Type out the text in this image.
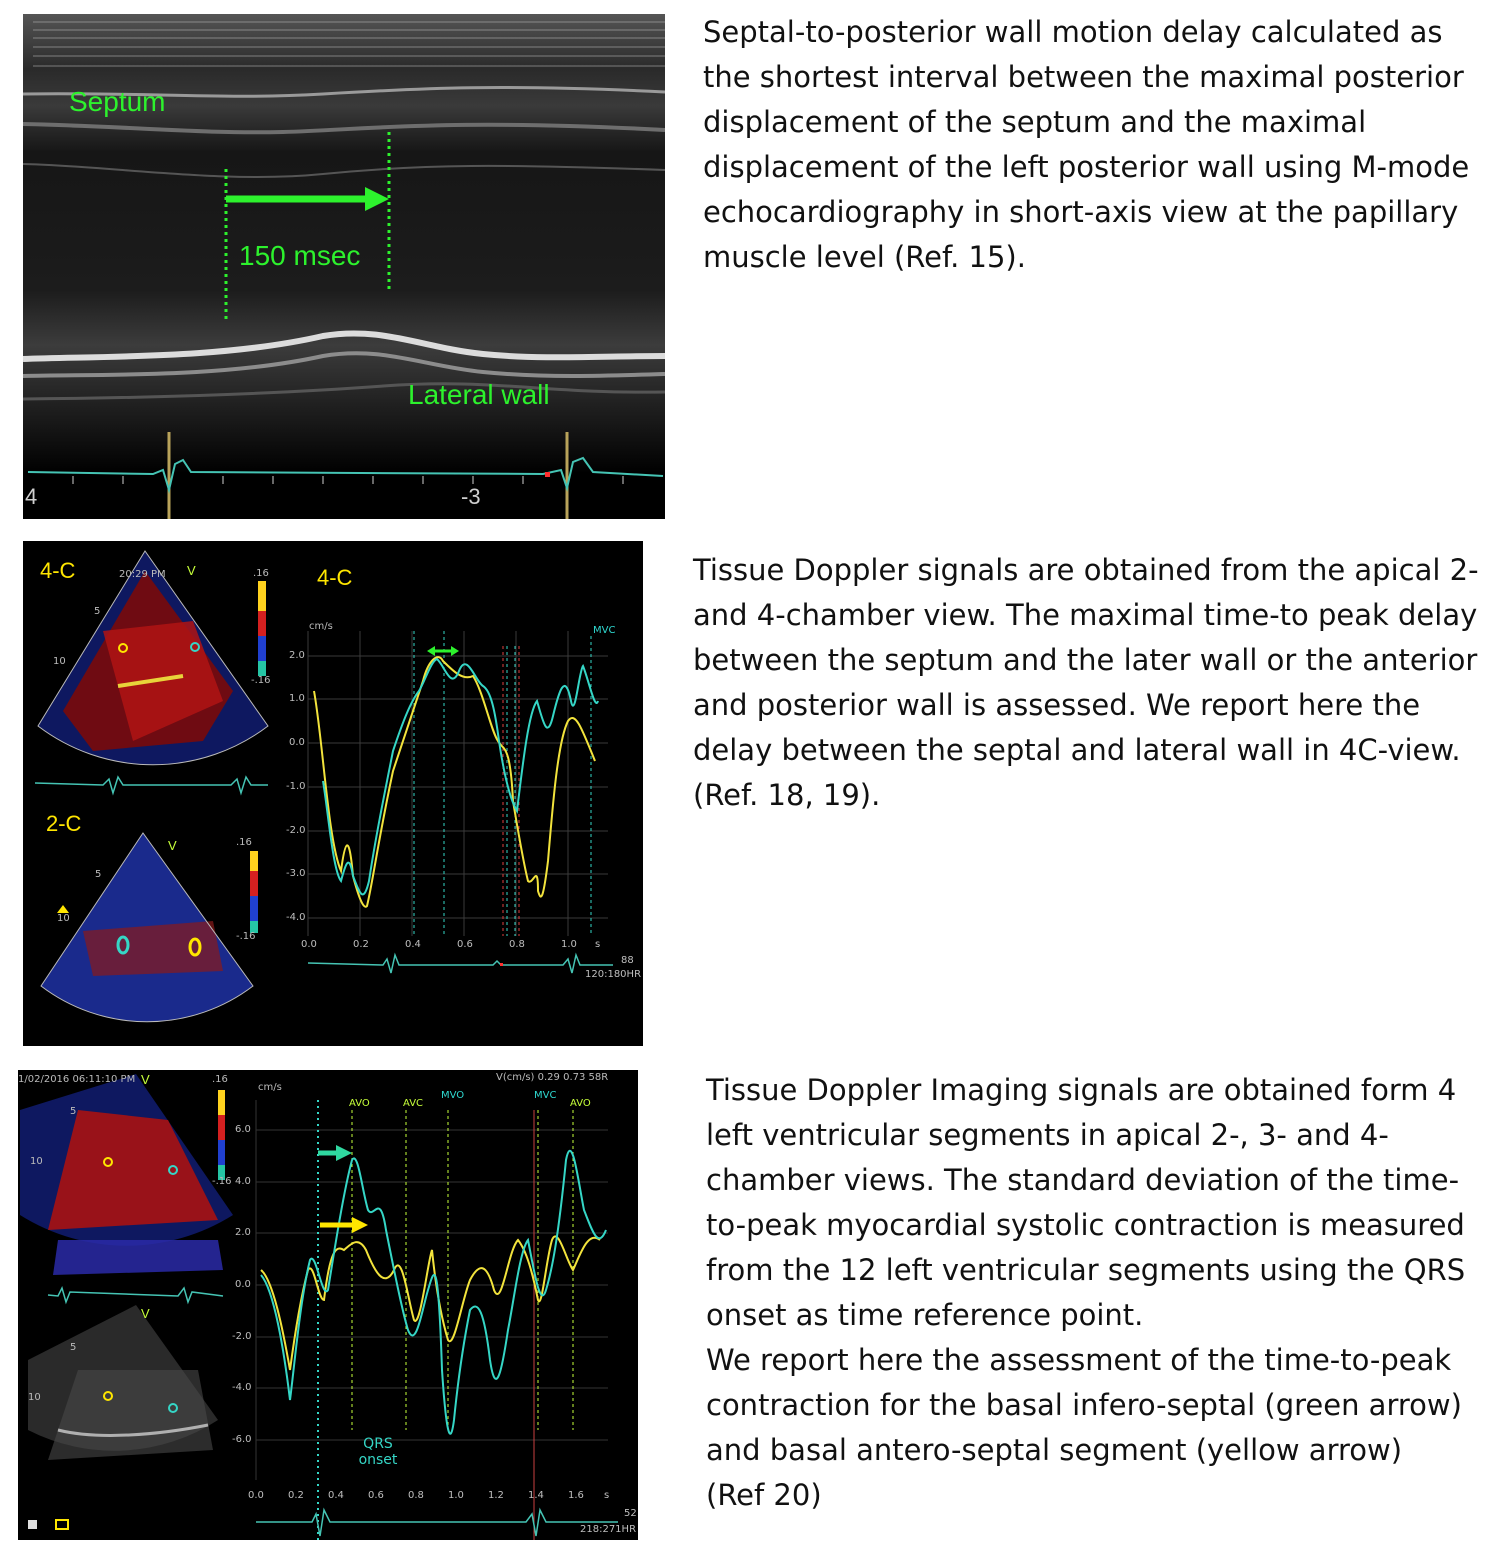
Septum
150 msec
Lateral wall
4	-3
Septal-to-posterior wall motion delay calculated as the shortest interval between the maximal posterior displacement of the septum and the maximal displacement of the left posterior wall using M-mode echocardiography in short-axis view at the papillary muscle level (Ref. 15).
4-C	20:29 PM V	.16
-.16
5
10
2-C
V	.16
-.16
5
10
4-C
cm/s	MVC
2.0
1.0
0.0
-1.0
-2.0
-3.0
-4.0
0.0	0.2	0.4	0.6	0.8	1.0 s
88
120:180HR
Tissue Doppler signals are obtained from the apical 2- and 4-chamber view. The maximal time-to peak delay between the septum and the later wall or the anterior and posterior wall is assessed. We report here the delay between the septal and lateral wall in 4C-view.
(Ref. 18, 19).
1/02/2016 06:11:10 PM V	.16
-.16
5
10
V
5
10
V(cm/s) 0.29 0.73 58R
cm/s
6.0
4.0
2.0
0.0
-2.0
-4.0
-6.0
0.0 0.2 0.4 0.6 0.8 1.0 1.2 1.4 1.6 s
AVO	AVC
MVO	MVC
AVO
QRS
onset
52
218:271HR
Tissue Doppler Imaging signals are obtained form 4 left ventricular segments in apical 2-, 3- and 4-chamber views. The standard deviation of the time-to-peak myocardial systolic contraction is measured from the 12 left ventricular segments using the QRS onset as time reference point.
We report here the assessment of the time-to-peak contraction for the basal infero-septal (green arrow) and basal antero-septal segment (yellow arrow)
(Ref 20)
